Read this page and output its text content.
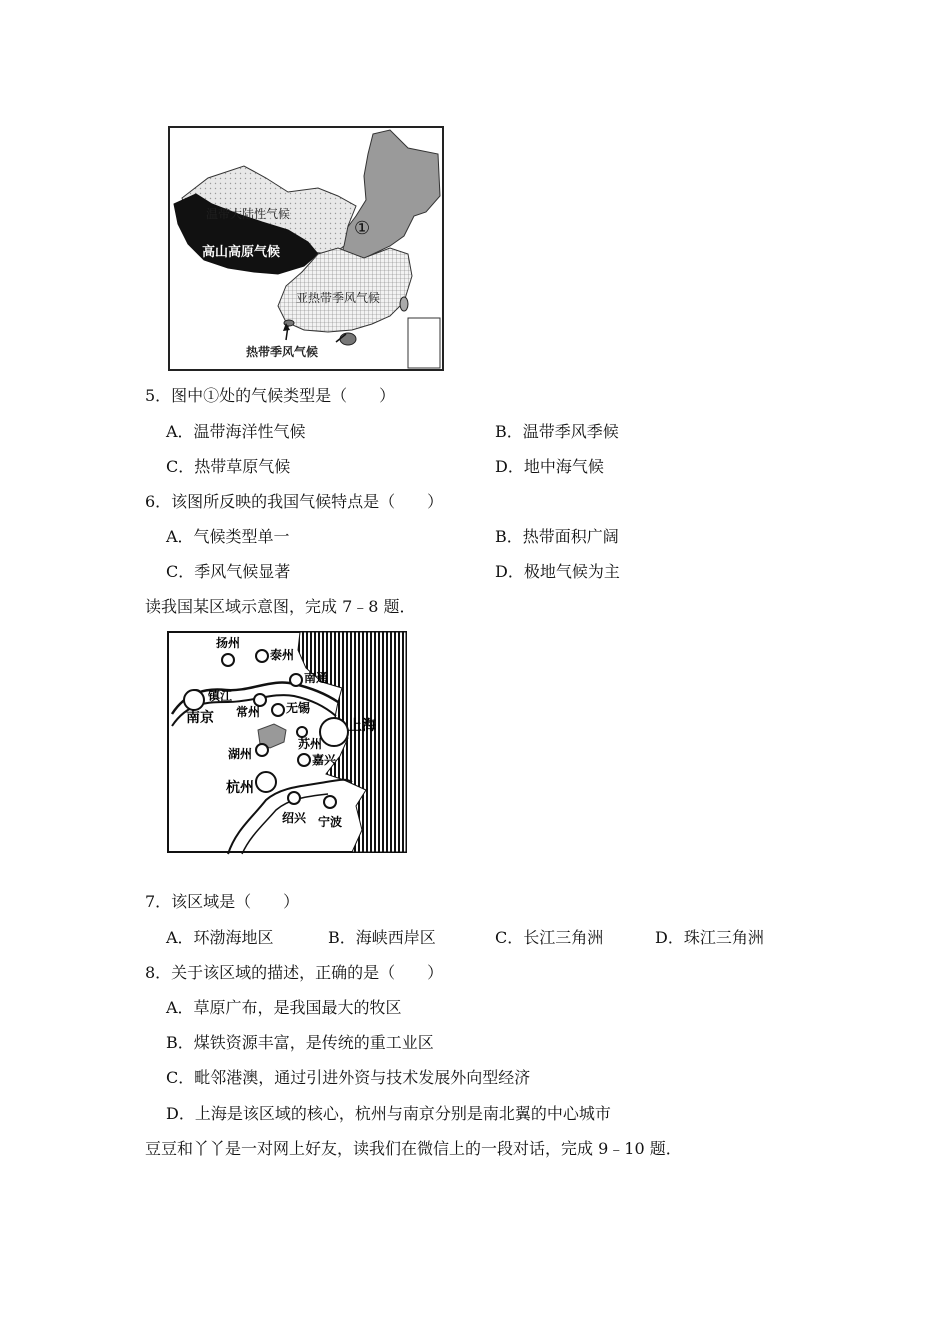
温带大陆性气候
高山高原气候
亚热带季风气候
热带季风气候
①
5．图中①处的气候类型是（　　）
A．温带海洋性气候	B．温带季风季候
C．热带草原气候	D．地中海气候
6．该图所反映的我国气候特点是（　　）
A．气候类型单一	B．热带面积广阔
C．季风气候显著	D．极地气候为主
读我国某区域示意图，完成 7﹣8 题．
扬州
泰州
南通
镇江
南京 常州 无锡
上海
苏州
湖州	嘉兴
杭州
绍兴 宁波
7．该区域是（　　）
A．环渤海地区	B．海峡西岸区	C．长江三角洲	D．珠江三角洲
8．关于该区域的描述，正确的是（　　）
A．草原广布，是我国最大的牧区
B．煤铁资源丰富，是传统的重工业区
C．毗邻港澳，通过引进外资与技术发展外向型经济
D．上海是该区域的核心，杭州与南京分别是南北翼的中心城市
豆豆和丫丫是一对网上好友，读我们在微信上的一段对话，完成 9﹣10 题．
